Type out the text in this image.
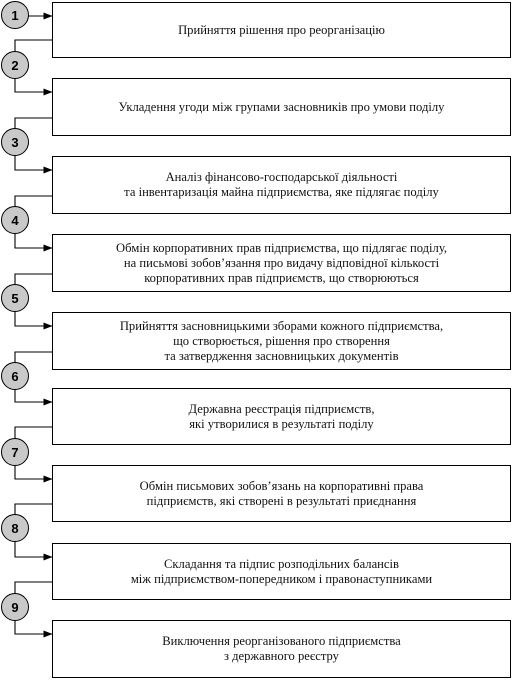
Прийняття рішення про реорганізацію
1
Укладення угоди між групами засновників про умови поділу
2
Аналіз фінансово-господарської діяльності
та інвентаризація майна підприємства, яке підлягає поділу
3
Обмін корпоративних прав підприємства, що підлягає поділу,
на письмові зобов’язання про видачу відповідної кількості
корпоративних прав підприємств, що створюються
4
Прийняття засновницькими зборами кожного підприємства,
що створюється, рішення про створення
та затвердження засновницьких документів
5
Державна реєстрація підприємств,
які утворилися в результаті поділу
6
Обмін письмових зобов’язань на корпоративні права
підприємств, які створені в результаті приєднання
7
Складання та підпис розподільних балансів
між підприємством-попередником і правонаступниками
8
Виключення реорганізованого підприємства
з державного реєстру
9
